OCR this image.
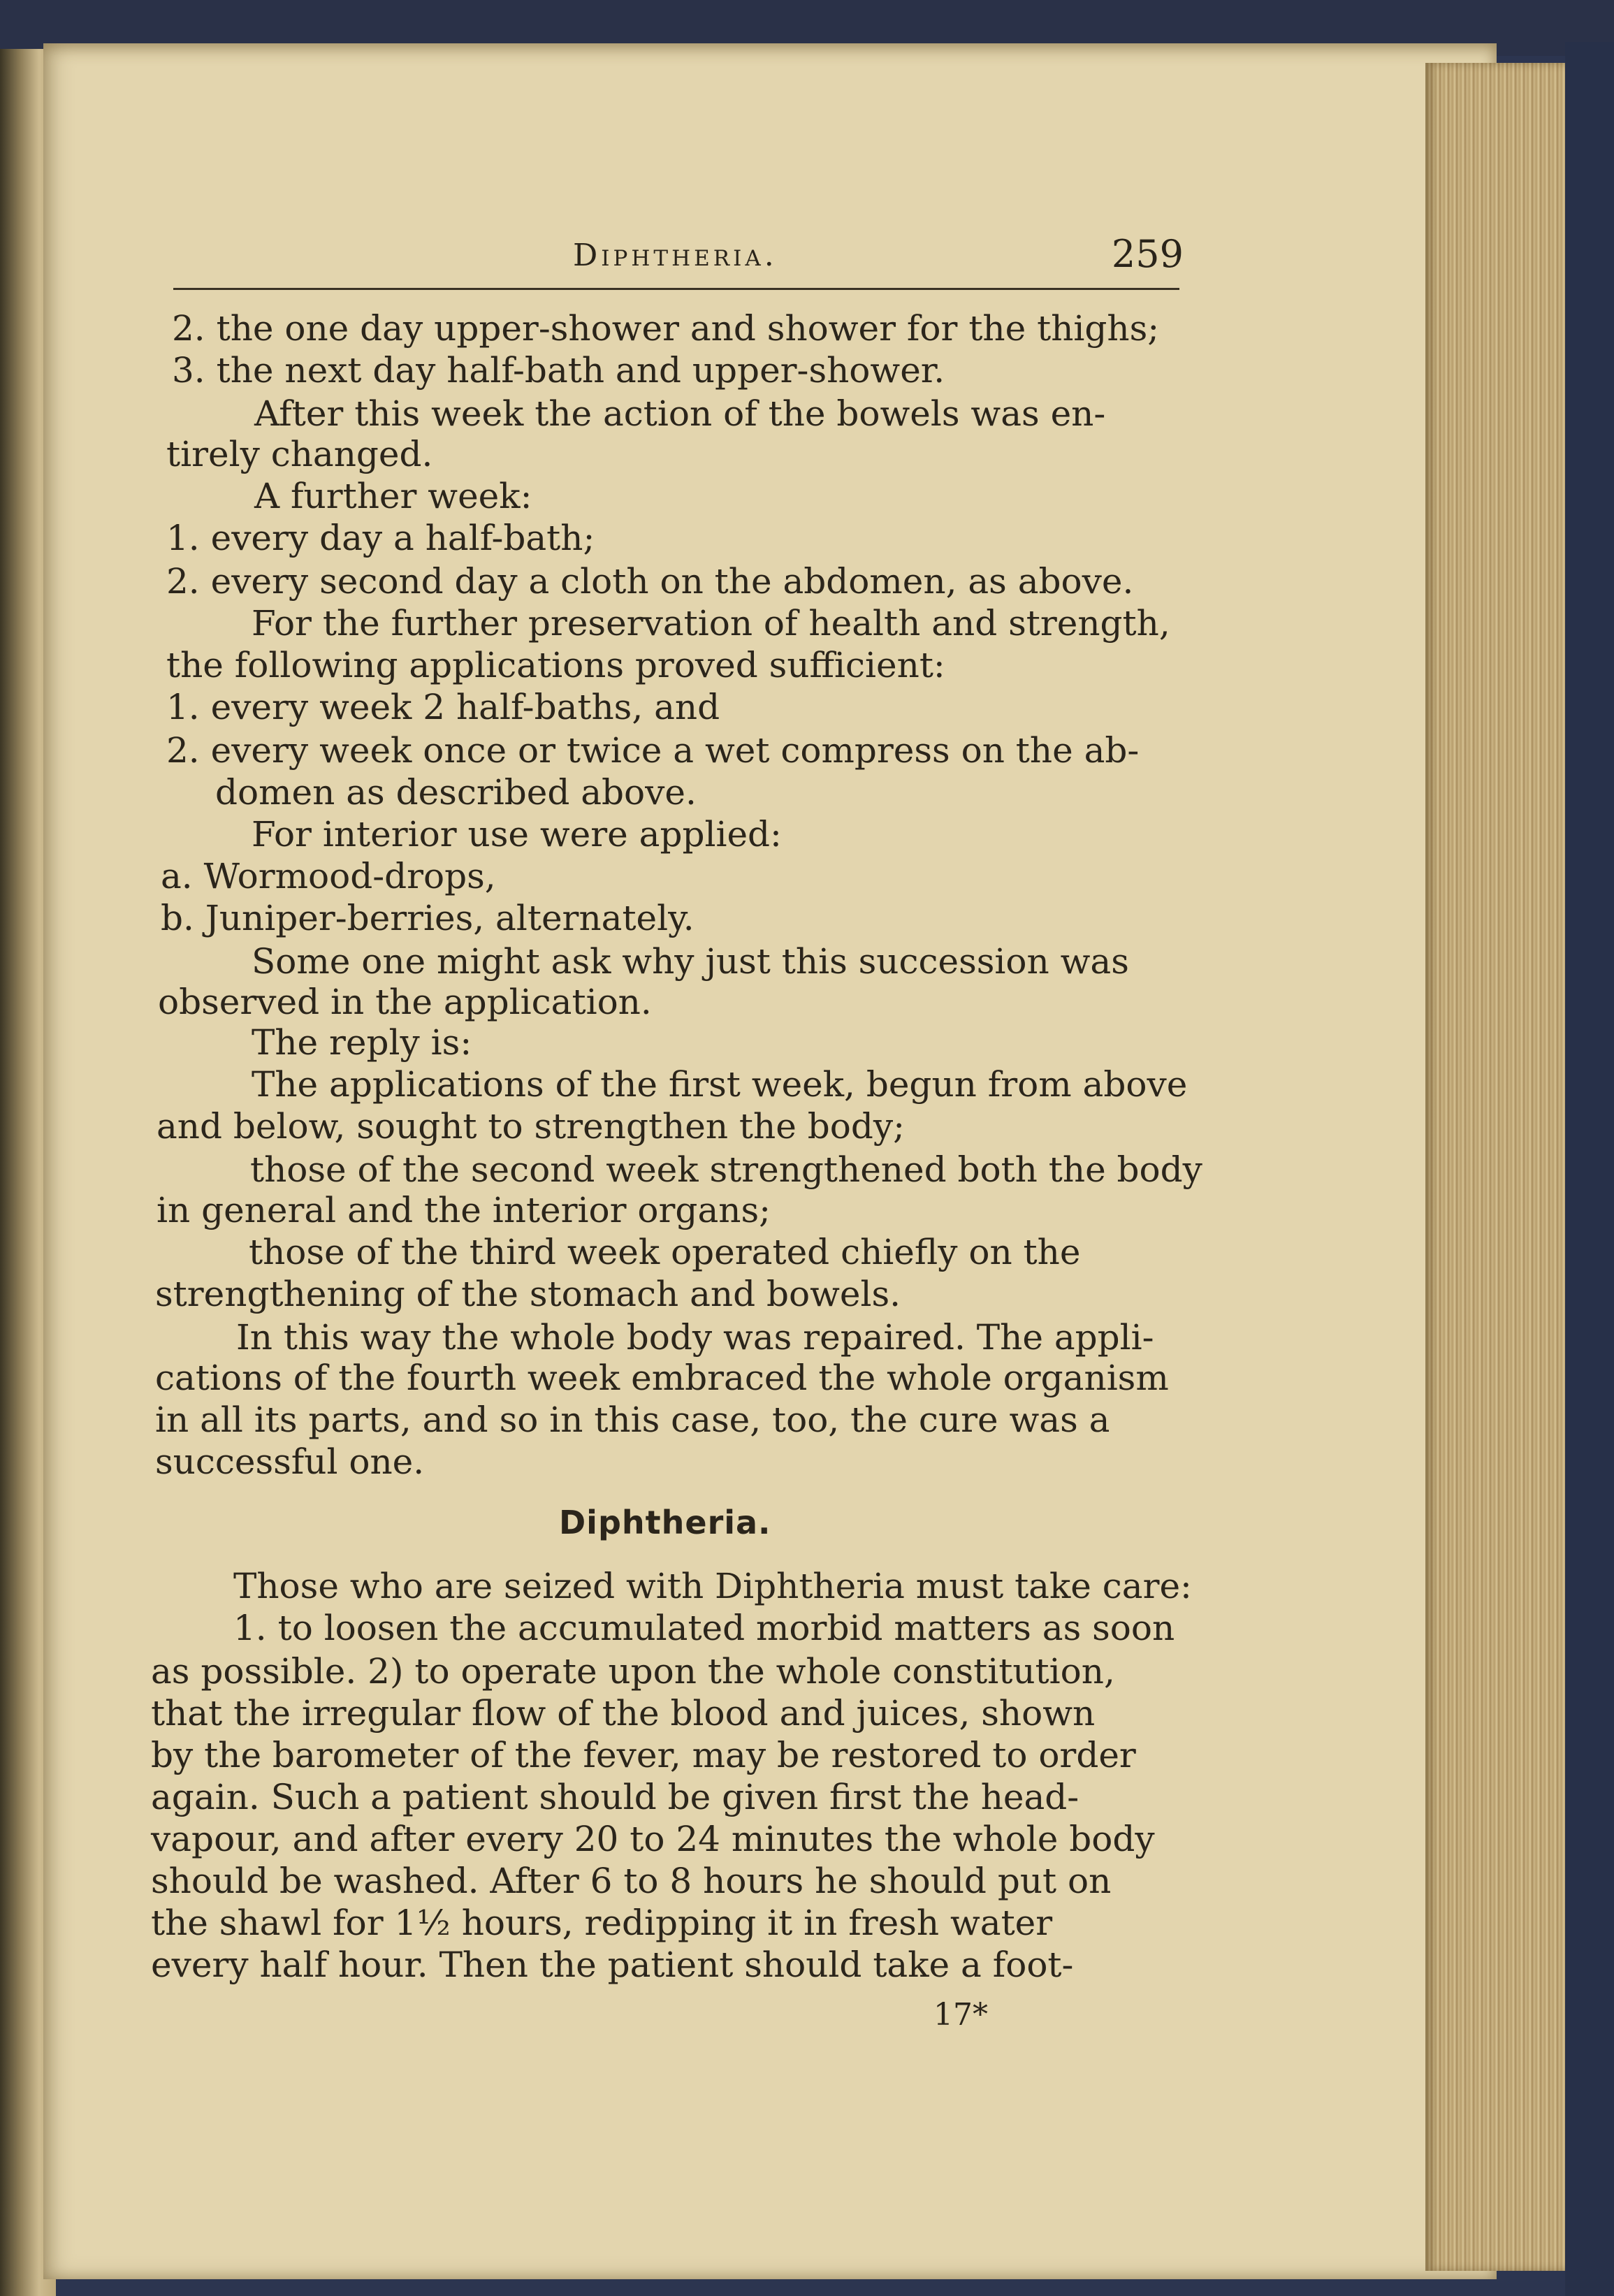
Diphtheria.	259
2. the one day upper-shower and shower for the thighs;
3. the next day half-bath and upper-shower.
After this week the action of the bowels was en-
tirely changed.
A further week:
1. every day a half-bath;
2. every second day a cloth on the abdomen, as above.
For the further preservation of health and strength,
the following applications proved sufficient:
1. every week 2 half-baths, and
2. every week once or twice a wet compress on the ab-
domen as described above.
For interior use were applied:
a. Wormood-drops,
b. Juniper-berries, alternately.
Some one might ask why just this succession was
observed in the application.
The reply is:
The applications of the first week, begun from above
and below, sought to strengthen the body;
those of the second week strengthened both the body
in general and the interior organs;
those of the third week operated chiefly on the
strengthening of the stomach and bowels.
In this way the whole body was repaired. The appli-
cations of the fourth week embraced the whole organism
in all its parts, and so in this case, too, the cure was a
successful one.
Diphtheria.
Those who are seized with Diphtheria must take care:
1. to loosen the accumulated morbid matters as soon
as possible. 2) to operate upon the whole constitution,
that the irregular flow of the blood and juices, shown
by the barometer of the fever, may be restored to order
again. Such a patient should be given first the head-
vapour, and after every 20 to 24 minutes the whole body
should be washed. After 6 to 8 hours he should put on
the shawl for 1½ hours, redipping it in fresh water
every half hour. Then the patient should take a foot-
17*
